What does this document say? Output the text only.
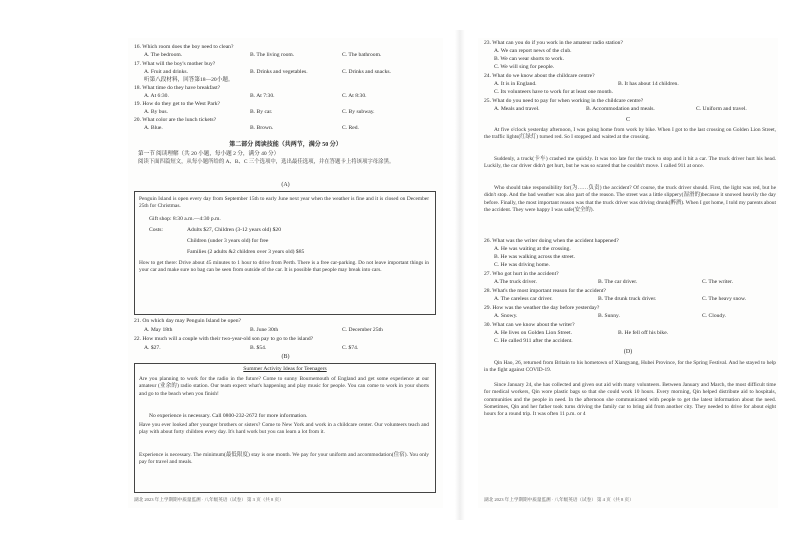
16. Which room does the boy need to clean?
A. The bedroom.	B. The living room.	C. The bathroom.
17. What will the boy's mother buy?
A. Fruit and drinks.	B. Drinks and vegetables.	C. Drinks and snacks.
听第八段材料，回答第18—20小题。
18. What time do they have breakfast?
A. At 6:30.	B. At 7:30.	C. At 8:30.
19. How do they get to the West Park?
A. By bus.	B. By car.	C. By subway.
20. What color are the lunch tickets?
A. Blue.	B. Brown.	C. Red.
第二部分 阅读技能（共两节，满分 50 分）
第一节 阅读理解（共 20 小题，每小题 2 分，满分 40 分）
阅读下面四篇短文，从每小题所给的 A、B、C 三个选项中，选出最佳选项，并在答题卡上将该项字母涂黑。
(A)
Penguin Island is open every day from September 15th to early June next year when the weather is fine and it is closed on December 25th for Christmas.
Gift shop: 8:30 a.m.—4:30 p.m.
Costs:	Adults $27, Children (3-12 years old) $20
Children (under 3 years old) for free
Families (2 adults &2 children over 3 years old) $85
How to get there: Drive about 45 minutes to 1 hour to drive from Perth. There is a free car-parking. Do not leave important things in your car and make sure no bag can be seen from outside of the car. It is possible that people may break into cars.
21. On which day may Penguin Island be open?
A. May 18th	B. June 30th	C. December 25th
22. How much will a couple with their two-year-old son pay to go to the island?
A. $27.	B. $54.	C. $74.
(B)
Summer Activity Ideas for Teenagers
Are you planning to work for the radio in the future? Come to sunny Bournemouth of England and get some experience at our amateur (业余的) radio station. Our team expect what's happening and play music for people. You can come to work in your shorts and go to the beach when you finish!
No experience is necessary. Call 0800-232-2672 for more information.
Have you ever looked after younger brothers or sisters? Come to New York and work in a childcare center. Our volunteers teach and play with about forty children every day. It's hard work but you can learn a lot from it.
Experience is necessary. The minimum(最低限度) stay is one month. We pay for your uniform and accommodation(住宿). You only pay for travel and meals.
湖北 2023 年上学期期中质量监测 · 八年级英语（试卷） 第 3 页（共 8 页）
23. What can you do if you work in the amateur radio station?
A. We can report news of the club.
B. We can wear shorts to work.
C. We will sing for people.
24. What do we know about the childcare centre?
A. It is in England.	B. It has about 14 children.
C. Its volunteers have to work for at least one month.
25. What do you need to pay for when working in the childcare centre?
A. Meals and travel.	B. Accommodation and meals.	C. Uniform and travel.
C
At five o'clock yesterday afternoon, I was going home from work by bike. When I got to the last crossing on Golden Lion Street, the traffic lights(红绿灯) turned red. So I stopped and waited at the crossing.
Suddenly, a truck(卡车) crashed me quickly. It was too late for the truck to stop and it hit a car. The truck driver hurt his head. Luckily, the car driver didn't get hurt, but he was so scared that he couldn't move. I called 911 at once.
Who should take responsibility for(为……负责) the accident? Of course, the truck driver should. First, the light was red, but he didn't stop. And the bad weather was also part of the reason. The street was a little slippery(湿滑的)because it snowed heavily the day before. Finally, the most important reason was that the truck driver was driving drunk(醉酒). When I got home, I told my parents about the accident. They were happy I was safe(安全的).
26. What was the writer doing when the accident happened?
A. He was waiting at the crossing.
B. He was walking across the street.
C. He was driving home.
27. Who got hurt in the accident?
A.The truck driver.	B. The car driver.	C. The writer.
28. What's the most important reason for the accident?
A. The careless car driver.	B. The drunk truck driver.	C. The heavy snow.
29. How was the weather the day before yesterday?
A. Snowy.	B. Sunny.	C. Cloudy.
30. What can we know about the writer?
A. He lives on Golden Lion Street.	B. He fell off his bike.
C. He called 911 after the accident.
(D)
Qin Hao, 26, returned from Britain to his hometown of Xiangyang, Hubei Province, for the Spring Festival. And he stayed to help in the fight against COVID-19.
Since January 24, she has collected and given out aid with many volunteers. Between January and March, the most difficult time for medical workers, Qin wore plastic bags so that she could work 10 hours. Every morning, Qin helped distribute aid to hospitals, communities and the people in need. In the afternoon she communicated with people to get the latest information about the need. Sometimes, Qin and her father took turns driving the family car to bring aid from another city. They needed to drive for about eight hours for a round trip. It was often 11 p.m. or 4
湖北 2023 年上学期期中质量监测 · 八年级英语（试卷） 第 4 页（共 8 页）
